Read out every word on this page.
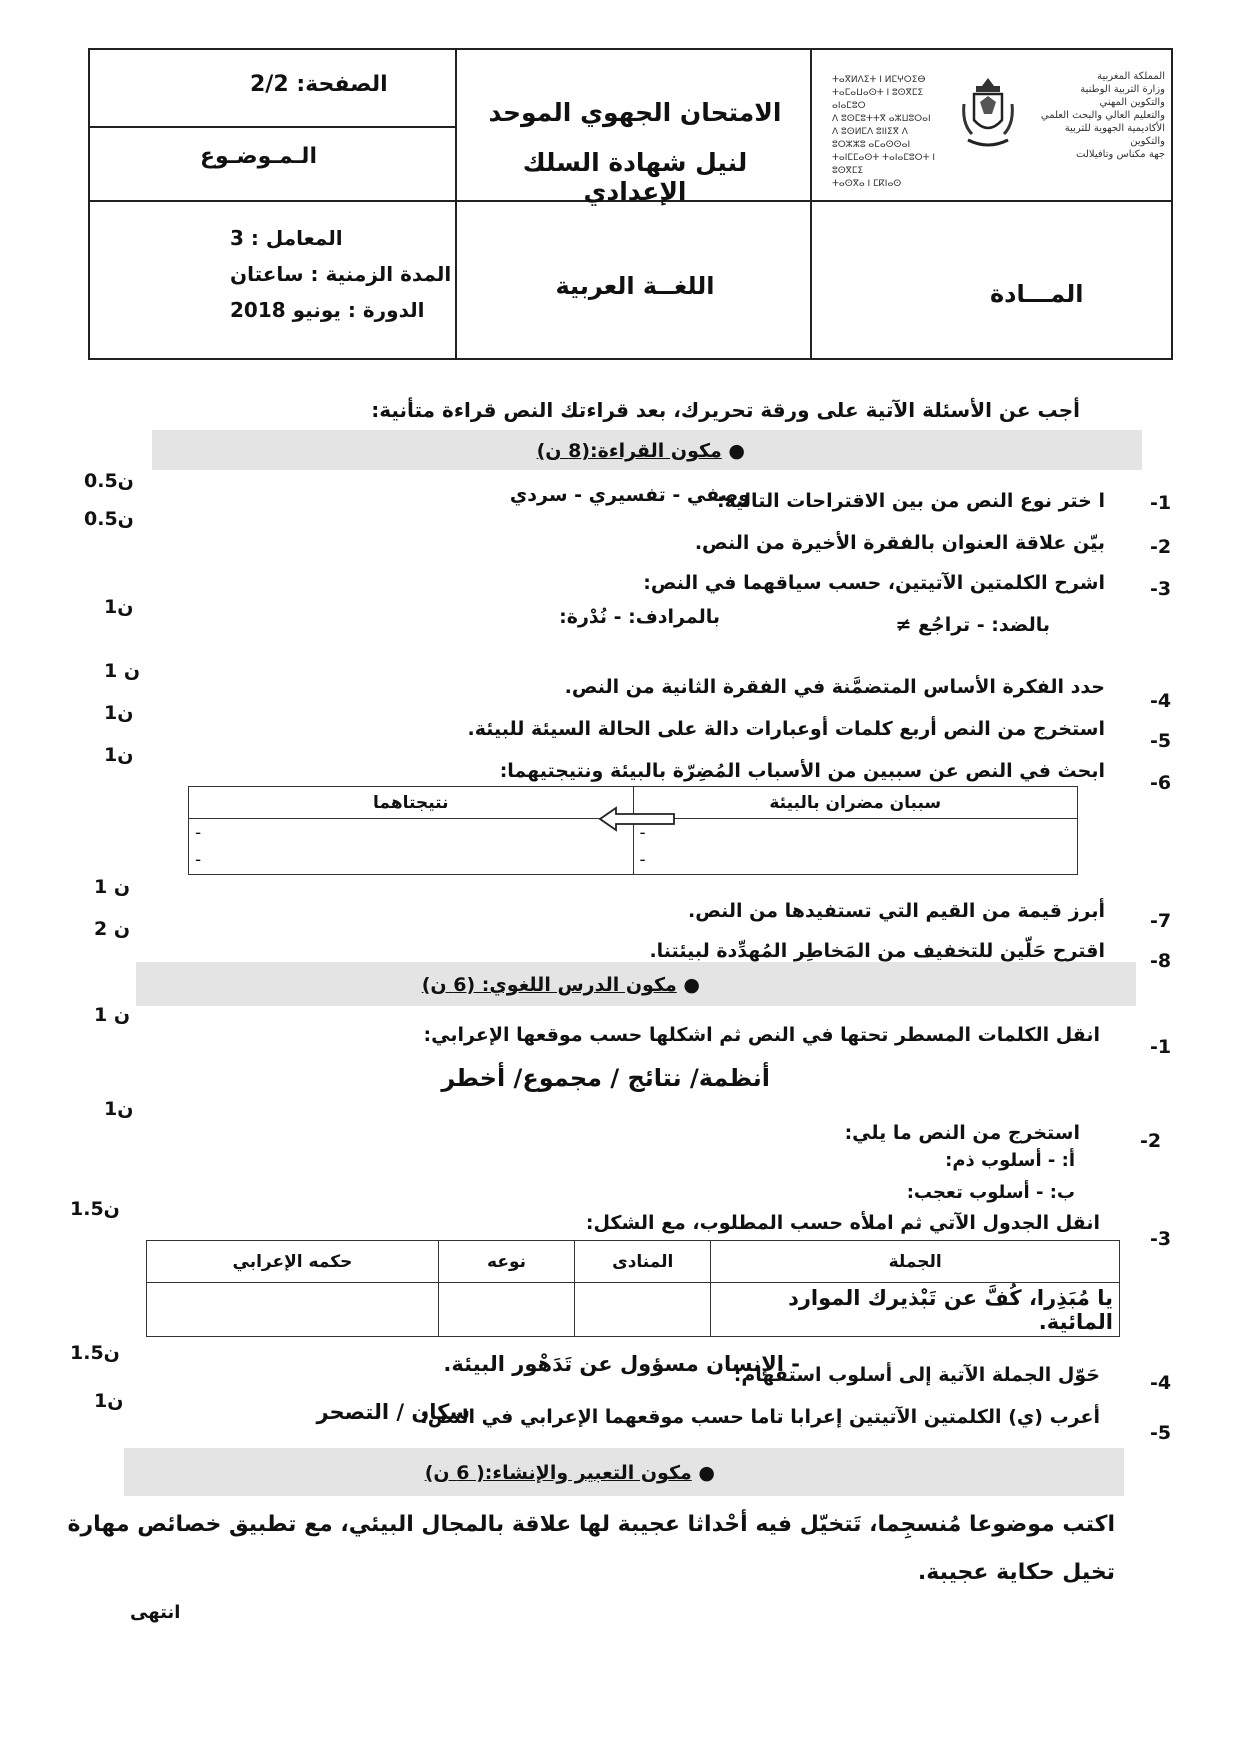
الصفحة: 2/2
الـمـوضـوع
المعامل : 3
المدة الزمنية : ساعتان
الدورة : يونيو 2018
الامتحان الجهوي الموحد
لنيل شهادة السلك الإعدادي
اللغــة العربية
ⵜⴰⴳⵍⴷⵉⵜ ⵏ ⵍⵎⵖⵔⵉⴱ
ⵜⴰⵎⴰⵡⴰⵙⵜ ⵏ ⵓⵙⴳⵎⵉ ⴰⵏⴰⵎⵓⵔ
ⴷ ⵓⵙⵎⵓⵜⵜⴳ ⴰⵣⵡⵓⵔⴰⵏ
ⴷ ⵓⵙⵍⵎⴷ ⵓⵏⵏⵉⴳ ⴷ ⵓⵔⵣⵣⵓ ⴰⵎⴰⵙⵙⴰⵏ
ⵜⴰⵏⵎⵎⴰⵙⵜ ⵜⴰⵏⴰⵎⵓⵔⵜ ⵏ ⵓⵙⴳⵎⵉ
ⵜⴰⵙⴳⴰ ⵏ ⵎⴽⵏⴰⵙ
المملكة المغربية
وزارة التربية الوطنية
والتكوين المهني
والتعليم العالي والبحث العلمي
الأكاديمية الجهوية للتربية والتكوين
جهة مكناس وتافيلالت
المـــادة
أجب عن الأسئلة الآتية على ورقة تحريرك، بعد قراءتك النص قراءة متأنية:
● مكون القراءة:(8 ن)
0.5ن
0.5ن
1ن
1 ن
1ن
1ن
1 ن
2 ن
-1
ا ختر نوع النص من بين الاقتراحات التالية:
وصفي - تفسيري - سردي
-2
بيّن علاقة العنوان بالفقرة الأخيرة من النص.
-3
اشرح الكلمتين الآتيتين، حسب سياقهما في النص:
بالضد: - تراجُع ≠
بالمرادف: - نُدْرة:
-4
حدد الفكرة الأساس المتضمَّنة في الفقرة الثانية من النص.
-5
استخرج من النص أربع كلمات أوعبارات دالة على الحالة السيئة للبيئة.
-6
ابحث في النص عن سببين من الأسباب المُضِرّة بالبيئة ونتيجتيهما:
سببان مضران بالبيئة	نتيجتاهما
-	-
-	-
-7
أبرز قيمة من القيم التي تستفيدها من النص.
-8
اقترح حَلّين للتخفيف من المَخاطِر المُهدِّدة لبيئتنا.
● مكون الدرس اللغوي: (6 ن)
1 ن
-1
انقل الكلمات المسطر تحتها في النص ثم اشكلها حسب موقعها الإعرابي:
أنظمة/ نتائج / مجموع/ أخطر
1ن
-2
استخرج من النص ما يلي:
أ: - أسلوب ذم:
ب: - أسلوب تعجب:
1.5ن
-3
انقل الجدول الآتي ثم املأه حسب المطلوب، مع الشكل:
الجملة	المنادى	نوعه	حكمه الإعرابي
يا مُبَذِرا، كُفَّ عن تَبْذيرك الموارد المائية.			
1.5ن
-4
حَوّل الجملة الآتية إلى أسلوب استفهام:
- الإنسان مسؤول عن تَدَهْور البيئة.
1ن
-5
أعرب (ي) الكلمتين الآتيتين إعرابا تاما حسب موقعهما الإعرابي في النص:
سكان / التصحر
● مكون التعبير والإنشاء:( 6 ن)
اكتب موضوعا مُنسجِما، تَتخيّل فيه أحْداثا عجيبة لها علاقة بالمجال البيئي، مع تطبيق خصائص مهارة
تخيل حكاية عجيبة.
انتهى
